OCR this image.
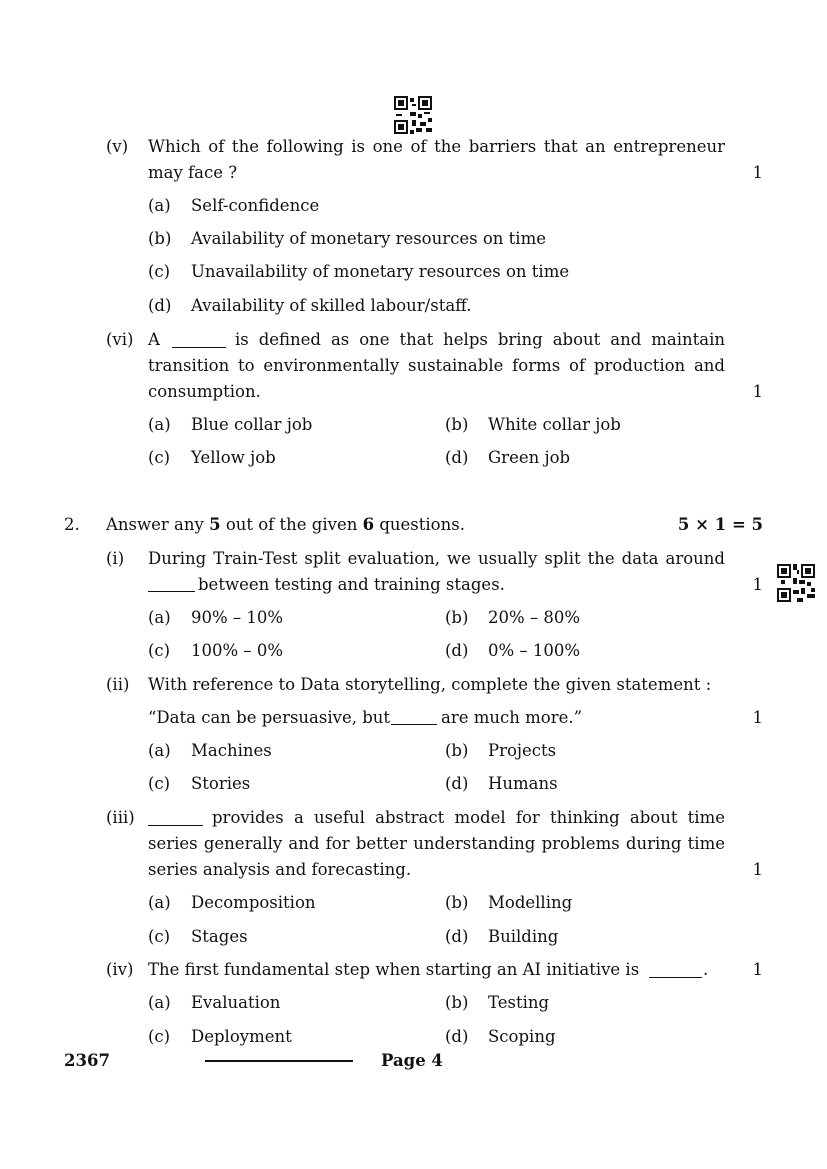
(v) Which of the following is one of the barriers that an entrepreneur
may face ?	1
(a) Self-confidence
(b) Availability of monetary resources on time
(c) Unavailability of monetary resources on time
(d) Availability of skilled labour/staff.
(vi) A	is defined as one that helps bring about and maintain
transition to environmentally sustainable forms of production and
consumption.	1
(a) Blue collar job	(b) White collar job
(c) Yellow job	(d) Green job
2. Answer any 5 out of the given 6 questions.	5 × 1 = 5
(i) During Train-Test split evaluation, we usually split the data around
between testing and training stages.	1
(a) 90% – 10%	(b) 20% – 80%
(c) 100% – 0%	(d) 0% – 100%
(ii) With reference to Data storytelling, complete the given statement :
“Data can be persuasive, but	are much more.”	1
(a) Machines	(b) Projects
(c) Stories	(d) Humans
(iii)	provides a useful abstract model for thinking about time
series generally and for better understanding problems during time
series analysis and forecasting.	1
(a) Decomposition	(b) Modelling
(c) Stages	(d) Building
(iv) The first fundamental step when starting an AI initiative is	.	1
(a) Evaluation	(b) Testing
(c) Deployment	(d) Scoping
2367	Page 4
